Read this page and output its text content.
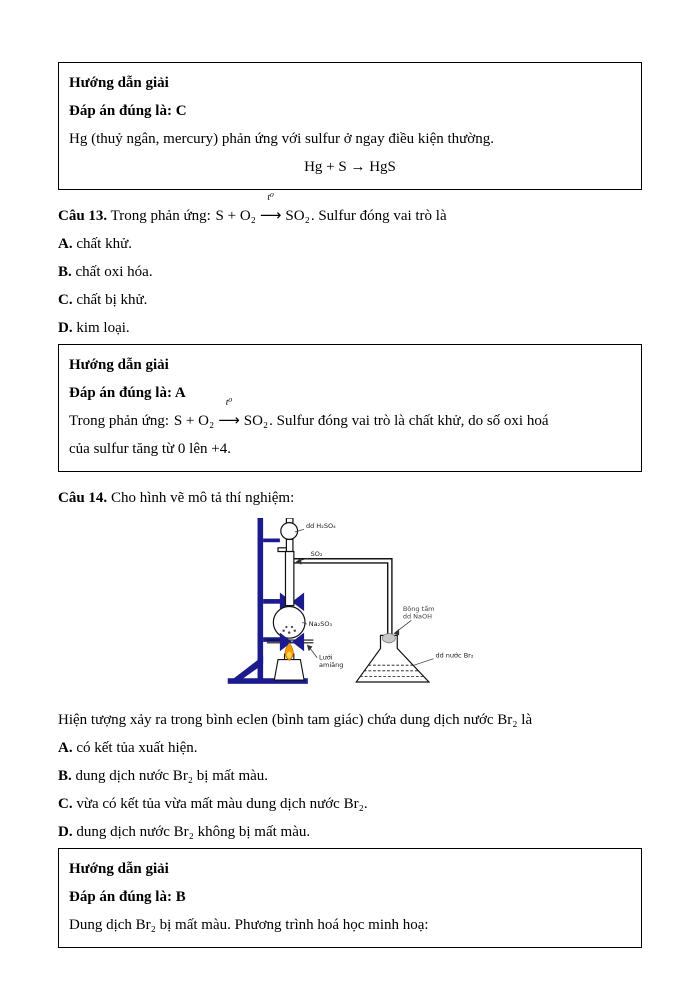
Hướng dẫn giải

Đáp án đúng là: C

Hg (thuỷ ngân, mercury) phản ứng với sulfur ở ngay điều kiện thường.

Hg + S → HgS

Câu 13. Trong phản ứng: S + O₂
t⁰
⟶ SO₂. Sulfur đóng vai trò là

A. chất khử.

B. chất oxi hóa.

C. chất bị khử.

D. kim loại.

Hướng dẫn giải

Đáp án đúng là: A

Trong phản ứng: S + O₂
t⁰
⟶ SO₂. Sulfur đóng vai trò là chất khử, do số oxi hoá

của sulfur tăng từ 0 lên +4.

Câu 14. Cho hình vẽ mô tả thí nghiệm:

dd H₂SO₄
SO₂
Na₂SO₃
Bông tẩm
dd NaOH
dd nước Br₂
Lưới
amiăng

Hiện tượng xảy ra trong bình eclen (bình tam giác) chứa dung dịch nước Br₂ là

A. có kết tủa xuất hiện.

B. dung dịch nước Br₂ bị mất màu.

C. vừa có kết tủa vừa mất màu dung dịch nước Br₂.

D. dung dịch nước Br₂ không bị mất màu.

Hướng dẫn giải

Đáp án đúng là: B

Dung dịch Br₂ bị mất màu. Phương trình hoá học minh hoạ:
